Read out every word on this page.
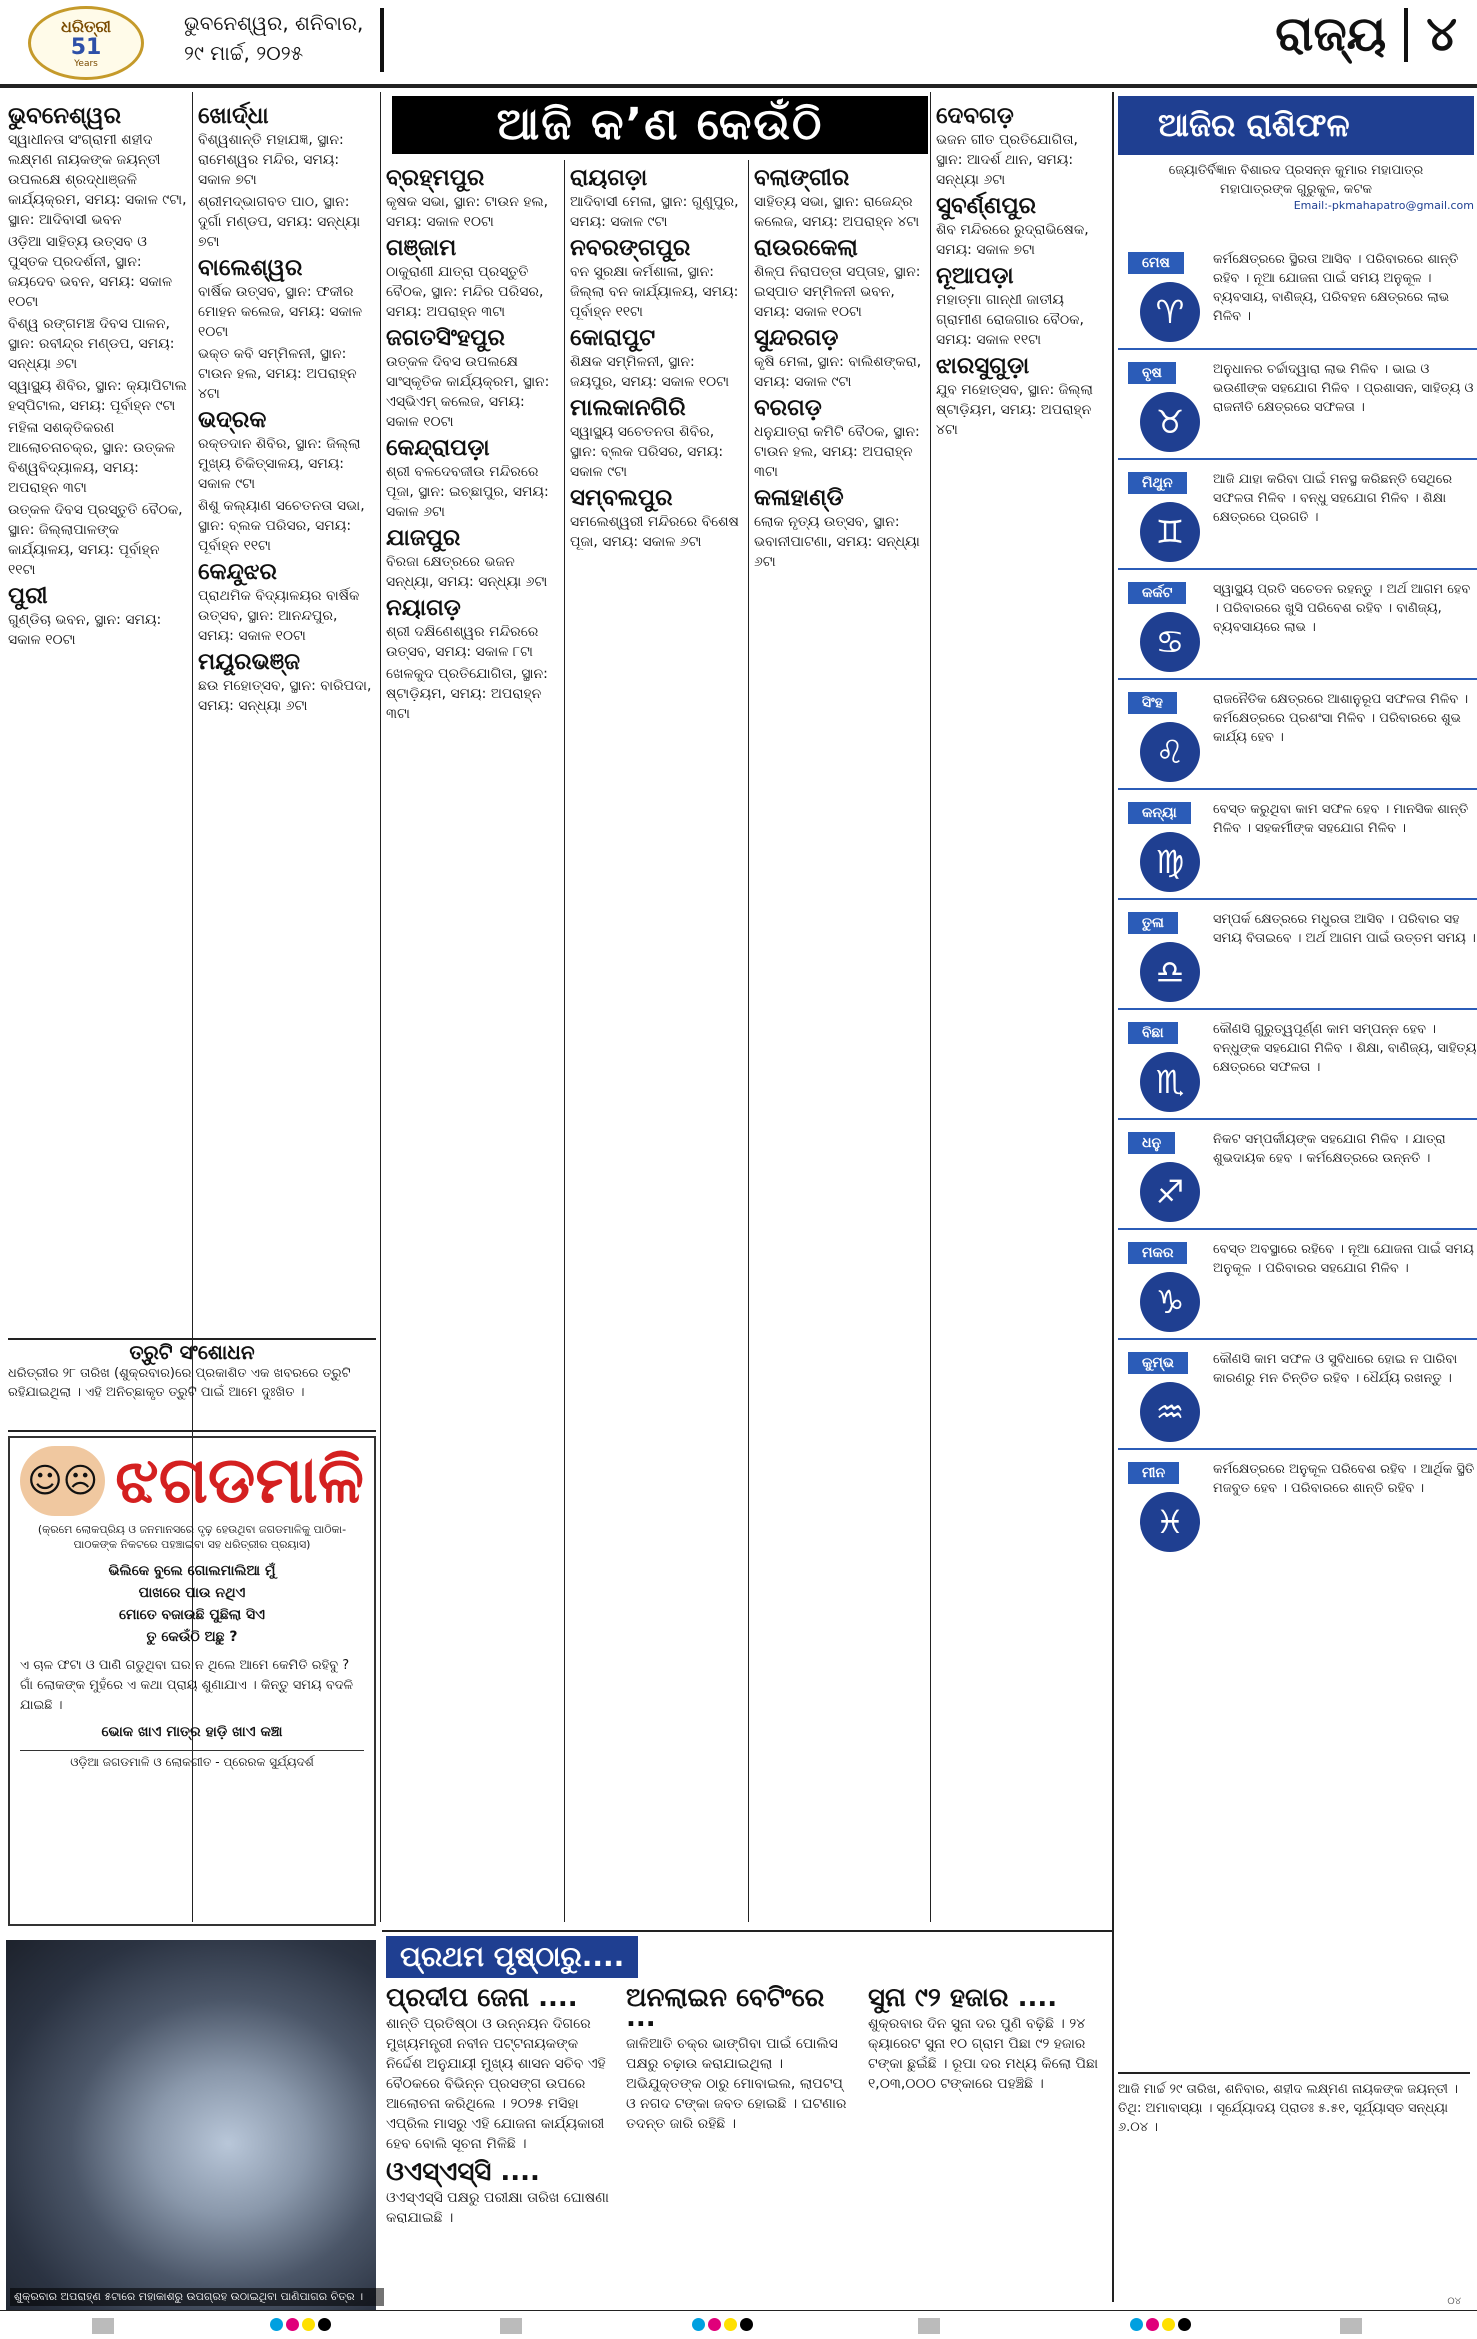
ଧରିତ୍ରୀ
51
Years
ଭୁବନେଶ୍ୱର, ଶନିବାର,
୨୯ ମାର୍ଚ୍ଚ, ୨୦୨୫	ରାଜ୍ୟ ୪
ଆଜି କ’ଣ କେଉଁଠି
ଭୁବନେଶ୍ୱର

ସ୍ୱାଧୀନତା ସଂଗ୍ରାମୀ ଶହୀଦ ଲକ୍ଷ୍ମଣ ନାୟକଙ୍କ ଜୟନ୍ତୀ ଉପଲକ୍ଷେ ଶ୍ରଦ୍ଧାଞ୍ଜଳି କାର୍ଯ୍ୟକ୍ରମ, ସମୟ: ସକାଳ ୯ଟା, ସ୍ଥାନ: ଆଦିବାସୀ ଭବନ

ଓଡ଼ିଆ ସାହିତ୍ୟ ଉତ୍ସବ ଓ ପୁସ୍ତକ ପ୍ରଦର୍ଶନୀ, ସ୍ଥାନ: ଜୟଦେବ ଭବନ, ସମୟ: ସକାଳ ୧୦ଟା

ବିଶ୍ୱ ରଙ୍ଗମଞ୍ଚ ଦିବସ ପାଳନ, ସ୍ଥାନ: ରବୀନ୍ଦ୍ର ମଣ୍ଡପ, ସମୟ: ସନ୍ଧ୍ୟା ୬ଟା

ସ୍ୱାସ୍ଥ୍ୟ ଶିବିର, ସ୍ଥାନ: କ୍ୟାପିଟାଲ ହସ୍ପିଟାଲ, ସମୟ: ପୂର୍ବାହ୍ନ ୯ଟା

ମହିଳା ସଶକ୍ତିକରଣ ଆଲୋଚନାଚକ୍ର, ସ୍ଥାନ: ଉତ୍କଳ ବିଶ୍ୱବିଦ୍ୟାଳୟ, ସମୟ: ଅପରାହ୍ନ ୩ଟା

ଉତ୍କଳ ଦିବସ ପ୍ରସ୍ତୁତି ବୈଠକ, ସ୍ଥାନ: ଜିଲ୍ଲାପାଳଙ୍କ କାର୍ଯ୍ୟାଳୟ, ସମୟ: ପୂର୍ବାହ୍ନ ୧୧ଟା

ପୁରୀ

ଗୁଣ୍ଡିଚା ଭବନ, ସ୍ଥାନ: ସମୟ: ସକାଳ ୧୦ଟା

ଖୋର୍ଦ୍ଧା

ବିଶ୍ୱଶାନ୍ତି ମହାଯଜ୍ଞ, ସ୍ଥାନ: ରାମେଶ୍ୱର ମନ୍ଦିର, ସମୟ: ସକାଳ ୭ଟା

ଶ୍ରୀମଦ୍ଭାଗବତ ପାଠ, ସ୍ଥାନ: ଦୁର୍ଗା ମଣ୍ଡପ, ସମୟ: ସନ୍ଧ୍ୟା ୭ଟା

ବାଲେଶ୍ୱର

ବାର୍ଷିକ ଉତ୍ସବ, ସ୍ଥାନ: ଫକୀର ମୋହନ କଲେଜ, ସମୟ: ସକାଳ ୧୦ଟା

ଭକ୍ତ କବି ସମ୍ମିଳନୀ, ସ୍ଥାନ: ଟାଉନ ହଲ, ସମୟ: ଅପରାହ୍ନ ୪ଟା

ଭଦ୍ରକ

ରକ୍ତଦାନ ଶିବିର, ସ୍ଥାନ: ଜିଲ୍ଲା ମୁଖ୍ୟ ଚିକିତ୍ସାଳୟ, ସମୟ: ସକାଳ ୯ଟା

ଶିଶୁ କଲ୍ୟାଣ ସଚେତନତା ସଭା, ସ୍ଥାନ: ବ୍ଲକ ପରିସର, ସମୟ: ପୂର୍ବାହ୍ନ ୧୧ଟା

କେନ୍ଦୁଝର

ପ୍ରାଥମିକ ବିଦ୍ୟାଳୟର ବାର୍ଷିକ ଉତ୍ସବ, ସ୍ଥାନ: ଆନନ୍ଦପୁର, ସମୟ: ସକାଳ ୧୦ଟା

ମୟୂରଭଞ୍ଜ

ଛଉ ମହୋତ୍ସବ, ସ୍ଥାନ: ବାରିପଦା, ସମୟ: ସନ୍ଧ୍ୟା ୬ଟା

ବ୍ରହ୍ମପୁର

କୃଷକ ସଭା, ସ୍ଥାନ: ଟାଉନ ହଲ, ସମୟ: ସକାଳ ୧୦ଟା

ଗଞ୍ଜାମ

ଠାକୁରାଣୀ ଯାତ୍ରା ପ୍ରସ୍ତୁତି ବୈଠକ, ସ୍ଥାନ: ମନ୍ଦିର ପରିସର, ସମୟ: ଅପରାହ୍ନ ୩ଟା

ଜଗତସିଂହପୁର

ଉତ୍କଳ ଦିବସ ଉପଲକ୍ଷେ ସାଂସ୍କୃତିକ କାର୍ଯ୍ୟକ୍ରମ, ସ୍ଥାନ: ଏସ୍‌ଭିଏମ୍ କଲେଜ, ସମୟ: ସକାଳ ୧୦ଟା

କେନ୍ଦ୍ରାପଡ଼ା

ଶ୍ରୀ ବଳଦେବଜୀଉ ମନ୍ଦିରରେ ପୂଜା, ସ୍ଥାନ: ଇଚ୍ଛାପୁର, ସମୟ: ସକାଳ ୬ଟା

ଯାଜପୁର

ବିରଜା କ୍ଷେତ୍ରରେ ଭଜନ ସନ୍ଧ୍ୟା, ସମୟ: ସନ୍ଧ୍ୟା ୬ଟା

ନୟାଗଡ଼

ଶ୍ରୀ ଦକ୍ଷିଣେଶ୍ୱର ମନ୍ଦିରରେ ଉତ୍ସବ, ସମୟ: ସକାଳ ୮ଟା

ଖେଳକୁଦ ପ୍ରତିଯୋଗିତା, ସ୍ଥାନ: ଷ୍ଟାଡ଼ିୟମ, ସମୟ: ଅପରାହ୍ନ ୩ଟା

ରାୟଗଡ଼ା

ଆଦିବାସୀ ମେଳା, ସ୍ଥାନ: ଗୁଣୁପୁର, ସମୟ: ସକାଳ ୯ଟା

ନବରଙ୍ଗପୁର

ବନ ସୁରକ୍ଷା କର୍ମଶାଳା, ସ୍ଥାନ: ଜିଲ୍ଲା ବନ କାର୍ଯ୍ୟାଳୟ, ସମୟ: ପୂର୍ବାହ୍ନ ୧୧ଟା

କୋରାପୁଟ

ଶିକ୍ଷକ ସମ୍ମିଳନୀ, ସ୍ଥାନ: ଜୟପୁର, ସମୟ: ସକାଳ ୧୦ଟା

ମାଲକାନଗିରି

ସ୍ୱାସ୍ଥ୍ୟ ସଚେତନତା ଶିବିର, ସ୍ଥାନ: ବ୍ଲକ ପରିସର, ସମୟ: ସକାଳ ୯ଟା

ସମ୍ବଲପୁର

ସମଲେଶ୍ୱରୀ ମନ୍ଦିରରେ ବିଶେଷ ପୂଜା, ସମୟ: ସକାଳ ୬ଟା

ବଲାଙ୍ଗୀର

ସାହିତ୍ୟ ସଭା, ସ୍ଥାନ: ରାଜେନ୍ଦ୍ର କଲେଜ, ସମୟ: ଅପରାହ୍ନ ୪ଟା

ରାଉରକେଲା

ଶିଳ୍ପ ନିରାପତ୍ତା ସପ୍ତାହ, ସ୍ଥାନ: ଇସ୍ପାତ ସମ୍ମିଳନୀ ଭବନ, ସମୟ: ସକାଳ ୧୦ଟା

ସୁନ୍ଦରଗଡ଼

କୃଷି ମେଳା, ସ୍ଥାନ: ବାଲିଶଙ୍କରା, ସମୟ: ସକାଳ ୯ଟା

ବରଗଡ଼

ଧନୁଯାତ୍ରା କମିଟି ବୈଠକ, ସ୍ଥାନ: ଟାଉନ ହଲ, ସମୟ: ଅପରାହ୍ନ ୩ଟା

କଳାହାଣ୍ଡି

ଲୋକ ନୃତ୍ୟ ଉତ୍ସବ, ସ୍ଥାନ: ଭବାନୀପାଟଣା, ସମୟ: ସନ୍ଧ୍ୟା ୬ଟା

ଦେବଗଡ଼

ଭଜନ ଗୀତ ପ୍ରତିଯୋଗିତା, ସ୍ଥାନ: ଆଦର୍ଶ ଥାନ, ସମୟ: ସନ୍ଧ୍ୟା ୬ଟା

ସୁବର୍ଣ୍ଣପୁର

ଶିବ ମନ୍ଦିରରେ ରୁଦ୍ରାଭିଷେକ, ସମୟ: ସକାଳ ୭ଟା

ନୂଆପଡ଼ା

ମହାତ୍ମା ଗାନ୍ଧୀ ଜାତୀୟ ଗ୍ରାମୀଣ ରୋଜଗାର ବୈଠକ, ସମୟ: ସକାଳ ୧୧ଟା

ଝାରସୁଗୁଡ଼ା

ଯୁବ ମହୋତ୍ସବ, ସ୍ଥାନ: ଜିଲ୍ଲା ଷ୍ଟାଡ଼ିୟମ, ସମୟ: ଅପରାହ୍ନ ୪ଟା

ତ୍ରୁଟି ସଂଶୋଧନ
ଧରିତ୍ରୀର ୨୮ ତାରିଖ (ଶୁକ୍ରବାର)ରେ ପ୍ରକାଶିତ ଏକ ଖବରରେ ତ୍ରୁଟି ରହିଯାଇଥିଲା । ଏହି ଅନିଚ୍ଛାକୃତ ତ୍ରୁଟି ପାଇଁ ଆମେ ଦୁଃଖିତ ।
☺☹ ଝଗଡମାଳି
(କ୍ରମେ ଲୋକପ୍ରିୟ ଓ ଜନମାନସରେ ଦୃଢ଼ ହେଉଥିବା ଜଗଡମାଳିକୁ ପାଠିକା-ପାଠକଙ୍କ ନିକଟରେ ପହଞ୍ଚାଇବା ସହ ଧରିତ୍ରୀର ପ୍ରୟାସ)
ଭିଲିକେ ବୁଲେ ଗୋଲମାଲିଆ ମୁଁ
ପାଖରେ ପାଉ ନଥିଏ
ମୋତେ ବଜାଉଛି ପୁଛିଲା ସିଏ
ତୁ କେଉଁଠି ଅଛୁ ?
ଏ ଚାଳ ଫଟା ଓ ପାଣି ଗଡୁଥିବା ଘର ନ ଥିଲେ ଆମେ କେମିତି ରହିବୁ ? ଗାଁ ଲୋକଙ୍କ ମୁହଁରେ ଏ କଥା ପ୍ରାୟ ଶୁଣାଯାଏ । କିନ୍ତୁ ସମୟ ବଦଳି ଯାଇଛି ।
ଭୋକ ଖାଏ ମାତ୍ର ହାଡ଼ି ଖାଏ କଞ୍ଚା
ଓଡ଼ିଆ ଜଗଡମାଳି ଓ ଲୋକଗୀତ - ପ୍ରେରକ ସୁର୍ଯ୍ୟଦର୍ଶ
ଶୁକ୍ରବାର ଅପରାହ୍ଣ ୫ଟାରେ ମହାକାଶରୁ ଉପଗ୍ରହ ଉଠାଇଥିବା ପାଣିପାଗର ଚିତ୍ର ।
ପ୍ରଥମ ପୃଷ୍ଠାରୁ....
ପ୍ରଦୀପ ଜେନା ....

ଶାନ୍ତି ପ୍ରତିଷ୍ଠା ଓ ଉନ୍ନୟନ ଦିଗରେ ମୁଖ୍ୟମନ୍ତ୍ରୀ ନବୀନ ପଟ୍ଟନାୟକଙ୍କ ନିର୍ଦ୍ଦେଶ ଅନୁଯାୟୀ ମୁଖ୍ୟ ଶାସନ ସଚିବ ଏହି ବୈଠକରେ ବିଭିନ୍ନ ପ୍ରସଙ୍ଗ ଉପରେ ଆଲୋଚନା କରିଥିଲେ । ୨୦୨୫ ମସିହା ଏପ୍ରିଲ ମାସରୁ ଏହି ଯୋଜନା କାର୍ଯ୍ୟକାରୀ ହେବ ବୋଲି ସୂଚନା ମିଳିଛି ।

ଓଏସ୍‌ଏସ୍‌ସି ....

ଓଏସ୍‌ଏସ୍‌ସି ପକ୍ଷରୁ ପରୀକ୍ଷା ତାରିଖ ଘୋଷଣା କରାଯାଇଛି ।

ଅନଲାଇନ ବେଟିଂରେ ...

ଜାଳିଆତି ଚକ୍ର ଭାଙ୍ଗିବା ପାଇଁ ପୋଲିସ ପକ୍ଷରୁ ଚଢ଼ାଉ କରାଯାଇଥିଲା । ଅଭିଯୁକ୍ତଙ୍କ ଠାରୁ ମୋବାଇଲ, ଲାପଟପ୍ ଓ ନଗଦ ଟଙ୍କା ଜବତ ହୋଇଛି । ଘଟଣାର ତଦନ୍ତ ଜାରି ରହିଛି ।

ସୁନା ୯୨ ହଜାର ....

ଶୁକ୍ରବାର ଦିନ ସୁନା ଦର ପୁଣି ବଢ଼ିଛି । ୨୪ କ୍ୟାରେଟ ସୁନା ୧୦ ଗ୍ରାମ ପିଛା ୯୨ ହଜାର ଟଙ୍କା ଛୁଇଁଛି । ରୂପା ଦର ମଧ୍ୟ କିଲୋ ପିଛା ୧,୦୩,୦୦୦ ଟଙ୍କାରେ ପହଞ୍ଚିଛି ।

ଆଜିର ରାଶିଫଳ
ଜ୍ୟୋତିର୍ବିଜ୍ଞାନ ବିଶାରଦ ପ୍ରସନ୍ନ କୁମାର ମହାପାତ୍ର
ମହାପାତ୍ରଙ୍କ ଗୁରୁକୁଳ, କଟକ
Email:-pkmahapatro@gmail.com
ମେଷ
♈
କର୍ମକ୍ଷେତ୍ରରେ ସ୍ଥିରତା ଆସିବ । ପରିବାରରେ ଶାନ୍ତି ରହିବ । ନୂଆ ଯୋଜନା ପାଇଁ ସମୟ ଅନୁକୂଳ । ବ୍ୟବସାୟ, ବାଣିଜ୍ୟ, ପରିବହନ କ୍ଷେତ୍ରରେ ଲାଭ ମିଳିବ ।
ବୃଷ
♉
ଅନୁଧାନର ଚର୍ଚ୍ଚାଦ୍ୱାରା ଲାଭ ମିଳିବ । ଭାଇ ଓ ଭଉଣୀଙ୍କ ସହଯୋଗ ମିଳିବ । ପ୍ରଶାସନ, ସାହିତ୍ୟ ଓ ରାଜନୀତି କ୍ଷେତ୍ରରେ ସଫଳତା ।
ମିଥୁନ
♊
ଆଜି ଯାହା କରିବା ପାଇଁ ମନସ୍ଥ କରିଛନ୍ତି ସେଥିରେ ସଫଳତା ମିଳିବ । ବନ୍ଧୁ ସହଯୋଗ ମିଳିବ । ଶିକ୍ଷା କ୍ଷେତ୍ରରେ ପ୍ରଗତି ।
କର୍କଟ
♋
ସ୍ୱାସ୍ଥ୍ୟ ପ୍ରତି ସଚେତନ ରହନ୍ତୁ । ଅର୍ଥ ଆଗମ ହେବ । ପରିବାରରେ ଖୁସି ପରିବେଶ ରହିବ । ବାଣିଜ୍ୟ, ବ୍ୟବସାୟରେ ଲାଭ ।
ସିଂହ
♌
ରାଜନୈତିକ କ୍ଷେତ୍ରରେ ଆଶାନୁରୂପ ସଫଳତା ମିଳିବ । କର୍ମକ୍ଷେତ୍ରରେ ପ୍ରଶଂସା ମିଳିବ । ପରିବାରରେ ଶୁଭ କାର୍ଯ୍ୟ ହେବ ।
କନ୍ୟା
♍
ବେସ୍ତ କରୁଥିବା କାମ ସଫଳ ହେବ । ମାନସିକ ଶାନ୍ତି ମିଳିବ । ସହକର୍ମୀଙ୍କ ସହଯୋଗ ମିଳିବ ।
ତୁଳା
♎
ସମ୍ପର୍କ କ୍ଷେତ୍ରରେ ମଧୁରତା ଆସିବ । ପରିବାର ସହ ସମୟ ବିତାଇବେ । ଅର୍ଥ ଆଗମ ପାଇଁ ଉତ୍ତମ ସମୟ ।
ବିଛା
♏
କୌଣସି ଗୁରୁତ୍ୱପୂର୍ଣ୍ଣ କାମ ସମ୍ପନ୍ନ ହେବ । ବନ୍ଧୁଙ୍କ ସହଯୋଗ ମିଳିବ । ଶିକ୍ଷା, ବାଣିଜ୍ୟ, ସାହିତ୍ୟ କ୍ଷେତ୍ରରେ ସଫଳତା ।
ଧନୁ
♐
ନିକଟ ସମ୍ପର୍କୀୟଙ୍କ ସହଯୋଗ ମିଳିବ । ଯାତ୍ରା ଶୁଭଦାୟକ ହେବ । କର୍ମକ୍ଷେତ୍ରରେ ଉନ୍ନତି ।
ମକର
♑
ବେସ୍ତ ଅବସ୍ଥାରେ ରହିବେ । ନୂଆ ଯୋଜନା ପାଇଁ ସମୟ ଅନୁକୂଳ । ପରିବାରର ସହଯୋଗ ମିଳିବ ।
କୁମ୍ଭ
♒
କୌଣସି କାମ ସଫଳ ଓ ସୁବିଧାରେ ହୋଇ ନ ପାରିବା କାରଣରୁ ମନ ଚିନ୍ତିତ ରହିବ । ଧୈର୍ଯ୍ୟ ରଖନ୍ତୁ ।
ମୀନ
♓
କର୍ମକ୍ଷେତ୍ରରେ ଅନୁକୂଳ ପରିବେଶ ରହିବ । ଆର୍ଥିକ ସ୍ଥିତି ମଜବୁତ ହେବ । ପରିବାରରେ ଶାନ୍ତି ରହିବ ।
ଆଜି ମାର୍ଚ୍ଚ ୨୯ ତାରିଖ, ଶନିବାର, ଶହୀଦ ଲକ୍ଷ୍ମଣ ନାୟକଙ୍କ ଜୟନ୍ତୀ । ତିଥି: ଅମାବାସ୍ୟା । ସୂର୍ଯ୍ୟୋଦୟ ପ୍ରାତଃ ୫.୫୧, ସୂର୍ଯ୍ୟାସ୍ତ ସନ୍ଧ୍ୟା ୬.୦୪ ।
୦୪
